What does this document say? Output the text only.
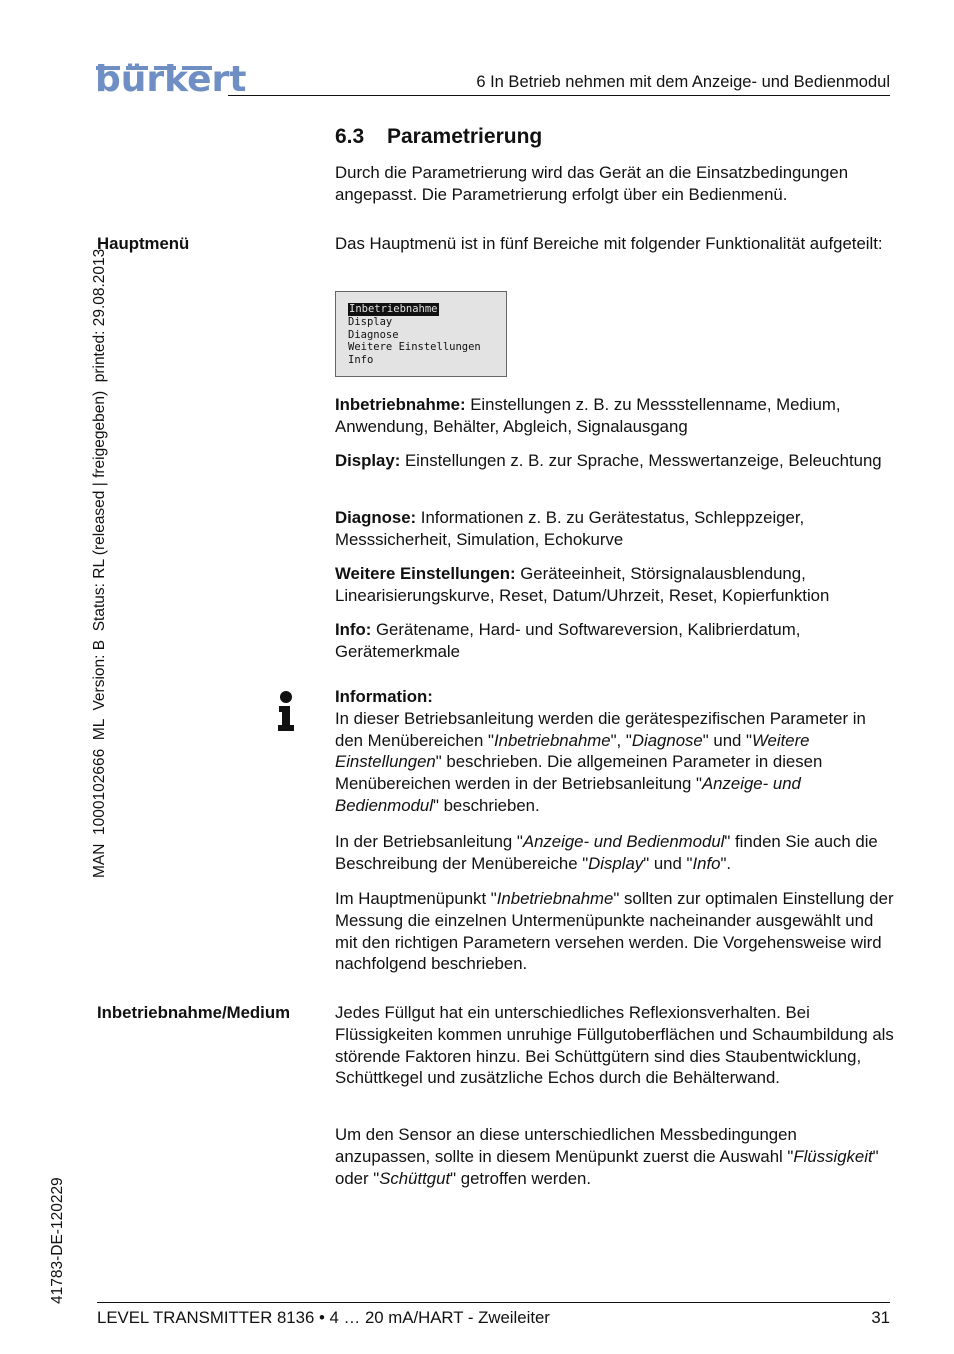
bürkert	6 In Betrieb nehmen mit dem Anzeige- und Bedienmodul
MAN  1000102666  ML  Version: B  Status: RL (released | freigegeben)  printed: 29.08.2013
41783-DE-120229
6.3 Parametrierung

Durch die Parametrierung wird das Gerät an die Einsatzbedingungen angepasst. Die Parametrierung erfolgt über ein Bedienmenü.

Hauptmenü	Das Hauptmenü ist in fünf Bereiche mit folgender Funktionalität aufgeteilt:

Inbetriebnahme
Display
Diagnose
Weitere Einstellungen
Info

Inbetriebnahme: Einstellungen z. B. zu Messstellenname, Medium, Anwendung, Behälter, Abgleich, Signalausgang

Display: Einstellungen z. B. zur Sprache, Messwertanzeige, Beleuchtung

Diagnose: Informationen z. B. zu Gerätestatus, Schleppzeiger, Messsicherheit, Simulation, Echokurve

Weitere Einstellungen: Geräteeinheit, Störsignalausblendung, Linearisierungskurve, Reset, Datum/Uhrzeit, Reset, Kopierfunktion

Info: Gerätename, Hard- und Softwareversion, Kalibrierdatum, Gerätemerkmale

Information:

In dieser Betriebsanleitung werden die gerätespezifischen Parameter in den Menübereichen "Inbetriebnahme", "Diagnose" und "Weitere Einstellungen" beschrieben. Die allgemeinen Parameter in diesen Menübereichen werden in der Betriebsanleitung "Anzeige- und Bedienmodul" beschrieben.

In der Betriebsanleitung "Anzeige- und Bedienmodul" finden Sie auch die Beschreibung der Menübereiche "Display" und "Info".

Im Hauptmenüpunkt "Inbetriebnahme" sollten zur optimalen Einstellung der Messung die einzelnen Untermenüpunkte nacheinander ausgewählt und mit den richtigen Parametern versehen werden. Die Vorgehensweise wird nachfolgend beschrieben.

Inbetriebnahme/Medium	Jedes Füllgut hat ein unterschiedliches Reflexionsverhalten. Bei Flüssigkeiten kommen unruhige Füllgutoberflächen und Schaumbildung als störende Faktoren hinzu. Bei Schüttgütern sind dies Staubentwicklung, Schüttkegel und zusätzliche Echos durch die Behälterwand.

Um den Sensor an diese unterschiedlichen Messbedingungen anzupassen, sollte in diesem Menüpunkt zuerst die Auswahl "Flüssigkeit" oder "Schüttgut" getroffen werden.

LEVEL TRANSMITTER 8136 • 4 … 20 mA/HART - Zweileiter	31
